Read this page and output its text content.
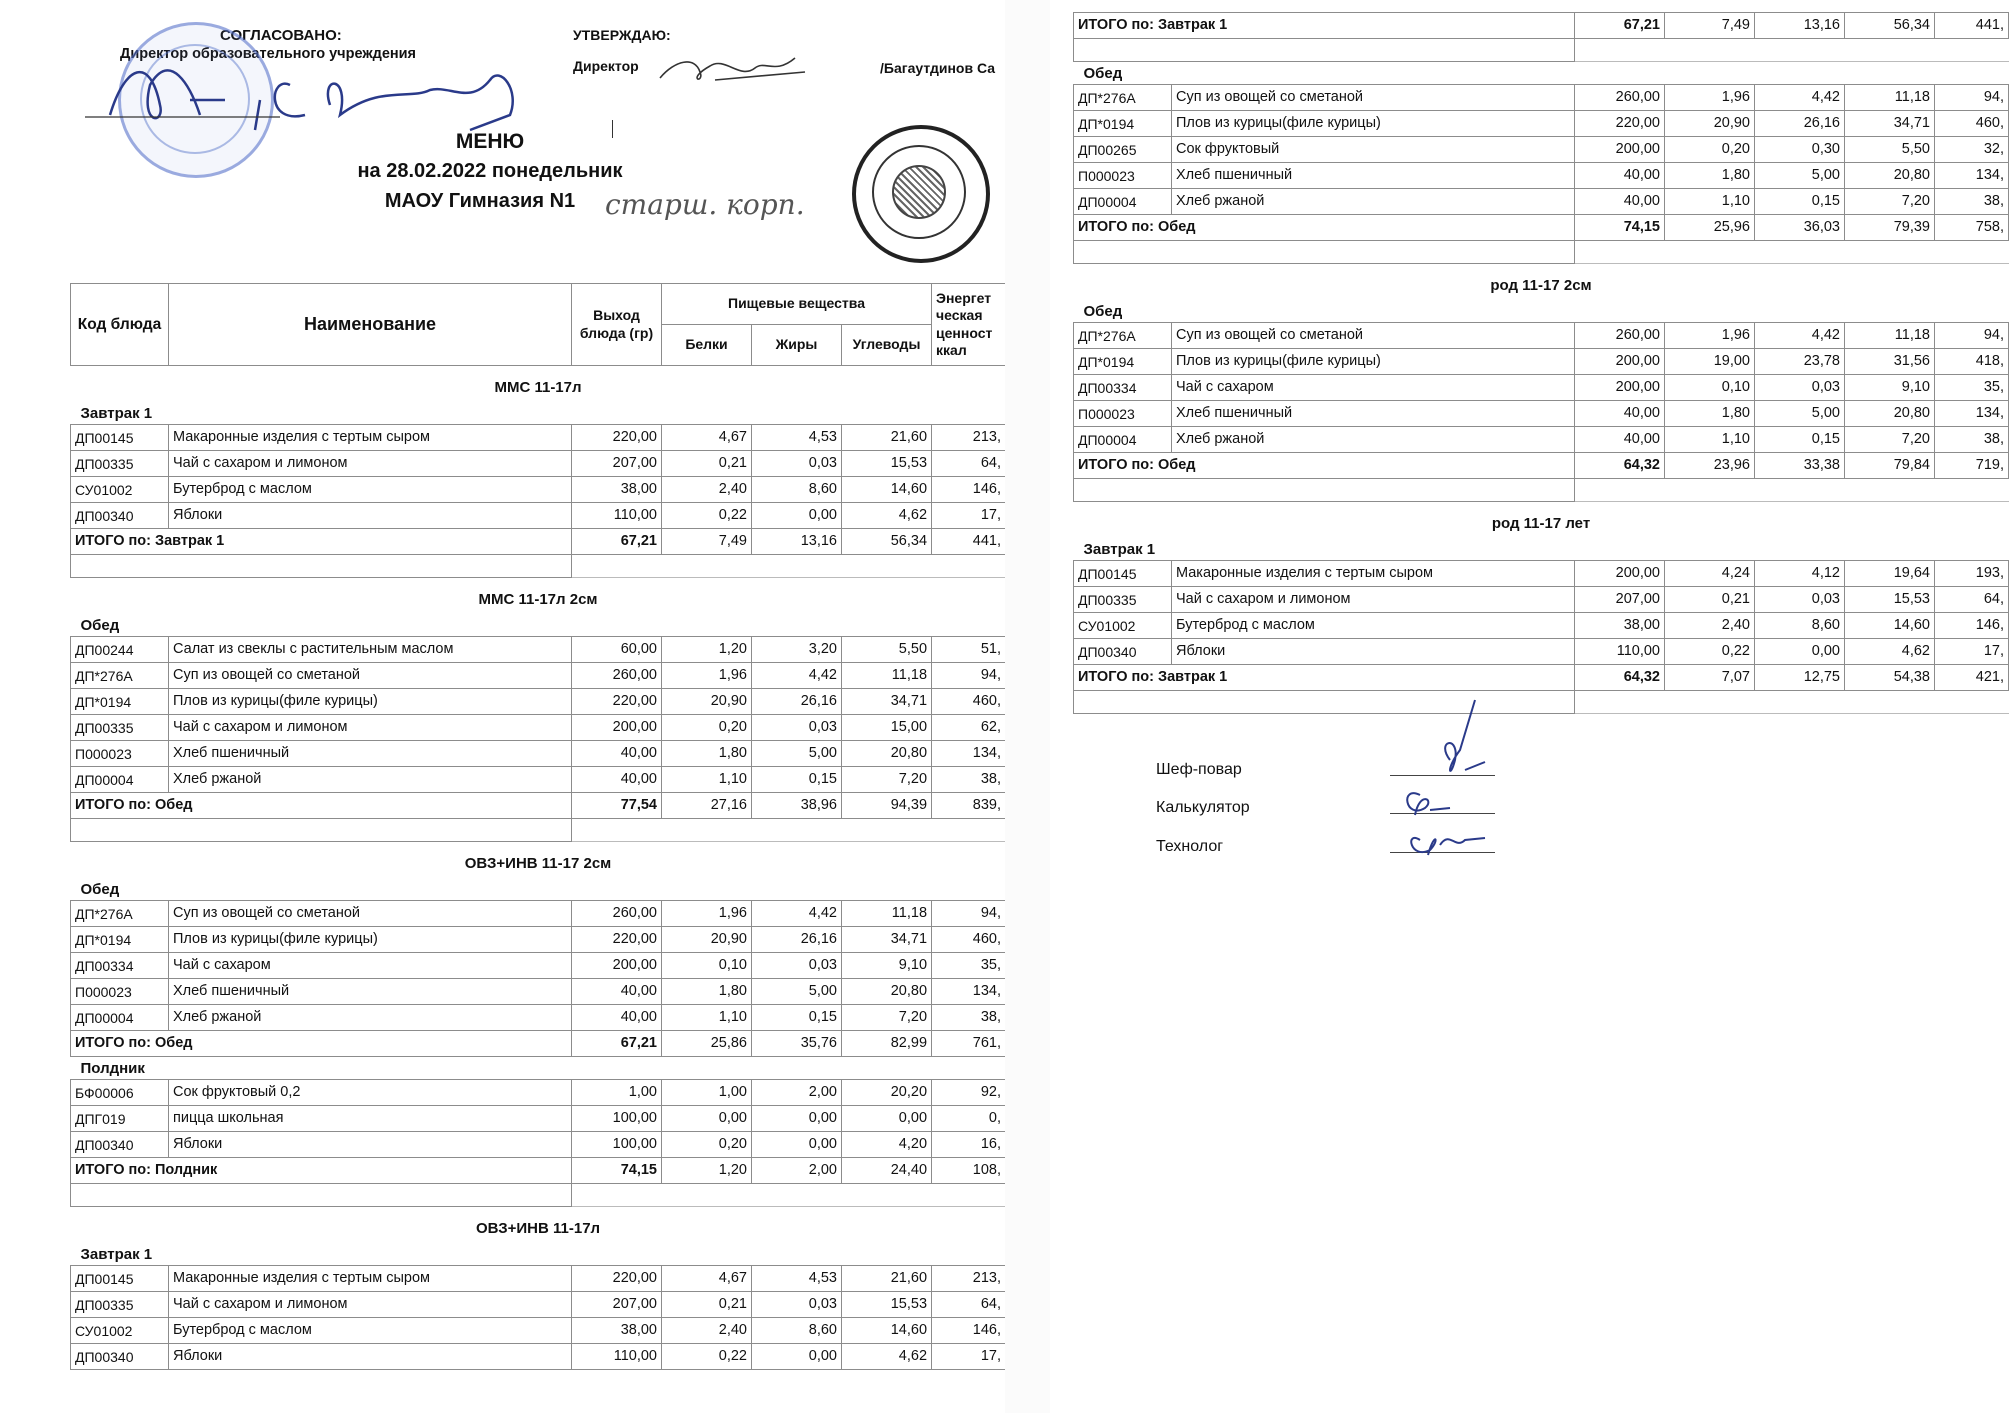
СОГЛАСОВАНО:
Директор образовательного учреждения
УТВЕРЖДАЮ:
Директор	/Багаутдинов Са
МЕНЮ
на 28.02.2022 понедельник
МАОУ Гимназия N1	старш. корп.
Код блюда	Наименование	Выход блюда (гр)	Пищевые вещества			Энергет ческая ценност ккал
			Белки	Жиры	Углеводы	
ММС 11-17л						
Завтрак 1						
ДП00145	Макаронные изделия с тертым сыром	220,00	4,67	4,53	21,60	213,
ДП00335	Чай с сахаром и лимоном	207,00	0,21	0,03	15,53	64,
СУ01002	Бутерброд с маслом	38,00	2,40	8,60	14,60	146,
ДП00340	Яблоки	110,00	0,22	0,00	4,62	17,
ИТОГО по: Завтрак 1		67,21	7,49	13,16	56,34	441,

ММС 11-17л 2см						
Обед						
ДП00244	Салат из свеклы с растительным маслом	60,00	1,20	3,20	5,50	51,
ДП*276А	Суп из овощей со сметаной	260,00	1,96	4,42	11,18	94,
ДП*0194	Плов из курицы(филе курицы)	220,00	20,90	26,16	34,71	460,
ДП00335	Чай с сахаром и лимоном	200,00	0,20	0,03	15,00	62,
П000023	Хлеб пшеничный	40,00	1,80	5,00	20,80	134,
ДП00004	Хлеб ржаной	40,00	1,10	0,15	7,20	38,
ИТОГО по: Обед		77,54	27,16	38,96	94,39	839,

ОВЗ+ИНВ 11-17 2см						
Обед						
ДП*276А	Суп из овощей со сметаной	260,00	1,96	4,42	11,18	94,
ДП*0194	Плов из курицы(филе курицы)	220,00	20,90	26,16	34,71	460,
ДП00334	Чай с сахаром	200,00	0,10	0,03	9,10	35,
П000023	Хлеб пшеничный	40,00	1,80	5,00	20,80	134,
ДП00004	Хлеб ржаной	40,00	1,10	0,15	7,20	38,
ИТОГО по: Обед		67,21	25,86	35,76	82,99	761,
Полдник						
БФ00006	Сок фруктовый 0,2	1,00	1,00	2,00	20,20	92,
ДПГ019	пицца школьная	100,00	0,00	0,00	0,00	0,
ДП00340	Яблоки	100,00	0,20	0,00	4,20	16,
ИТОГО по: Полдник		74,15	1,20	2,00	24,40	108,

ОВЗ+ИНВ 11-17л						
Завтрак 1						
ДП00145	Макаронные изделия с тертым сыром	220,00	4,67	4,53	21,60	213,
ДП00335	Чай с сахаром и лимоном	207,00	0,21	0,03	15,53	64,
СУ01002	Бутерброд с маслом	38,00	2,40	8,60	14,60	146,
ДП00340	Яблоки	110,00	0,22	0,00	4,62	17,
ИТОГО по: Завтрак 1		67,21	7,49	13,16	56,34	441,

Обед						
ДП*276А	Суп из овощей со сметаной	260,00	1,96	4,42	11,18	94,
ДП*0194	Плов из курицы(филе курицы)	220,00	20,90	26,16	34,71	460,
ДП00265	Сок фруктовый	200,00	0,20	0,30	5,50	32,
П000023	Хлеб пшеничный	40,00	1,80	5,00	20,80	134,
ДП00004	Хлеб ржаной	40,00	1,10	0,15	7,20	38,
ИТОГО по: Обед		74,15	25,96	36,03	79,39	758,

род 11-17 2см						
Обед						
ДП*276А	Суп из овощей со сметаной	260,00	1,96	4,42	11,18	94,
ДП*0194	Плов из курицы(филе курицы)	200,00	19,00	23,78	31,56	418,
ДП00334	Чай с сахаром	200,00	0,10	0,03	9,10	35,
П000023	Хлеб пшеничный	40,00	1,80	5,00	20,80	134,
ДП00004	Хлеб ржаной	40,00	1,10	0,15	7,20	38,
ИТОГО по: Обед		64,32	23,96	33,38	79,84	719,

род 11-17 лет						
Завтрак 1						
ДП00145	Макаронные изделия с тертым сыром	200,00	4,24	4,12	19,64	193,
ДП00335	Чай с сахаром и лимоном	207,00	0,21	0,03	15,53	64,
СУ01002	Бутерброд с маслом	38,00	2,40	8,60	14,60	146,
ДП00340	Яблоки	110,00	0,22	0,00	4,62	17,
ИТОГО по: Завтрак 1		64,32	7,07	12,75	54,38	421,

Шеф-повар
Калькулятор
Технолог
